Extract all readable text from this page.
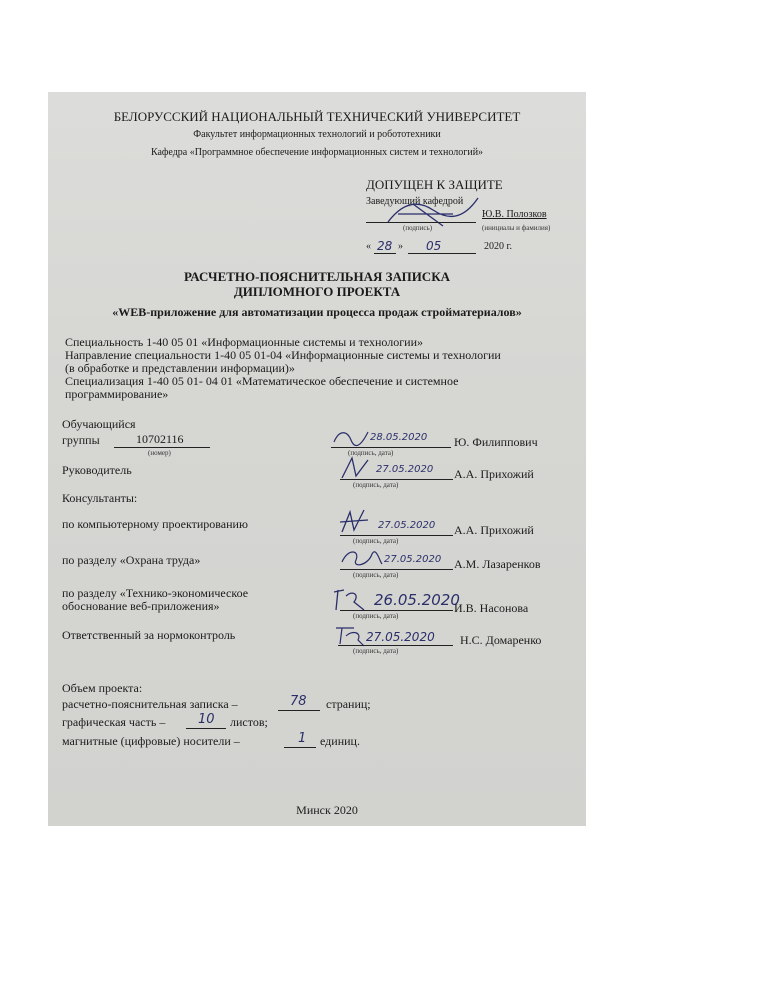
БЕЛОРУССКИЙ НАЦИОНАЛЬНЫЙ ТЕХНИЧЕСКИЙ УНИВЕРСИТЕТ
Факультет информационных технологий и робототехники
Кафедра «Программное обеспечение информационных систем и технологий»
ДОПУЩЕН К ЗАЩИТЕ
Заведующий кафедрой
(подпись)
Ю.В. Полозков
(инициалы и фамилия)
« 28 » 05	2020 г.
РАСЧЕТНО-ПОЯСНИТЕЛЬНАЯ ЗАПИСКА
ДИПЛОМНОГО ПРОЕКТА
«WEB-приложение для автоматизации процесса продаж стройматериалов»
Специальность 1-40 05 01 «Информационные системы и технологии»
Направление специальности 1-40 05 01-04 «Информационные системы и технологии
(в обработке и представлении информации)»
Специализация 1-40 05 01- 04 01 «Математическое обеспечение и системное
программирование»
Обучающийся
группы	10702116
(номер)
28.05.2020
(подпись, дата)
Ю. Филиппович
Руководитель	27.05.2020
(подпись, дата)
А.А. Прихожий
Консультанты:
по компьютерному проектированию	27.05.2020
(подпись, дата)
А.А. Прихожий
по разделу «Охрана труда»	27.05.2020
(подпись, дата)
А.М. Лазаренков
по разделу «Технико-экономическое
обоснование веб-приложения»	26.05.2020
(подпись, дата)
И.В. Насонова
Ответственный за нормоконтроль	27.05.2020
(подпись, дата)
Н.С. Домаренко
Объем проекта:
расчетно-пояснительная записка –	78 страниц;
графическая часть –	10 листов;
магнитные (цифровые) носители –	1 единиц.
Минск 2020
